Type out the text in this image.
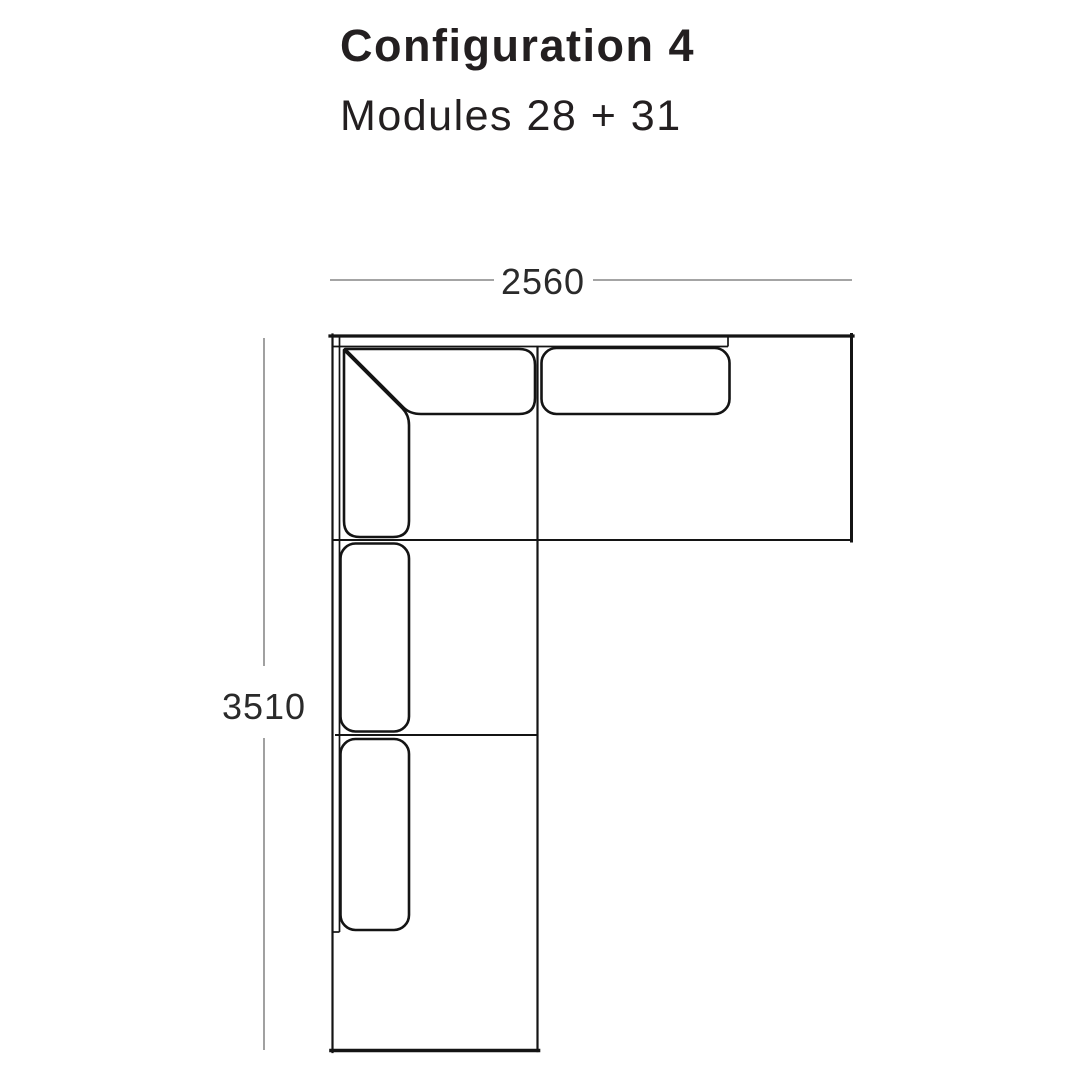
Configuration 4
Modules 28 + 31
2560
3510
